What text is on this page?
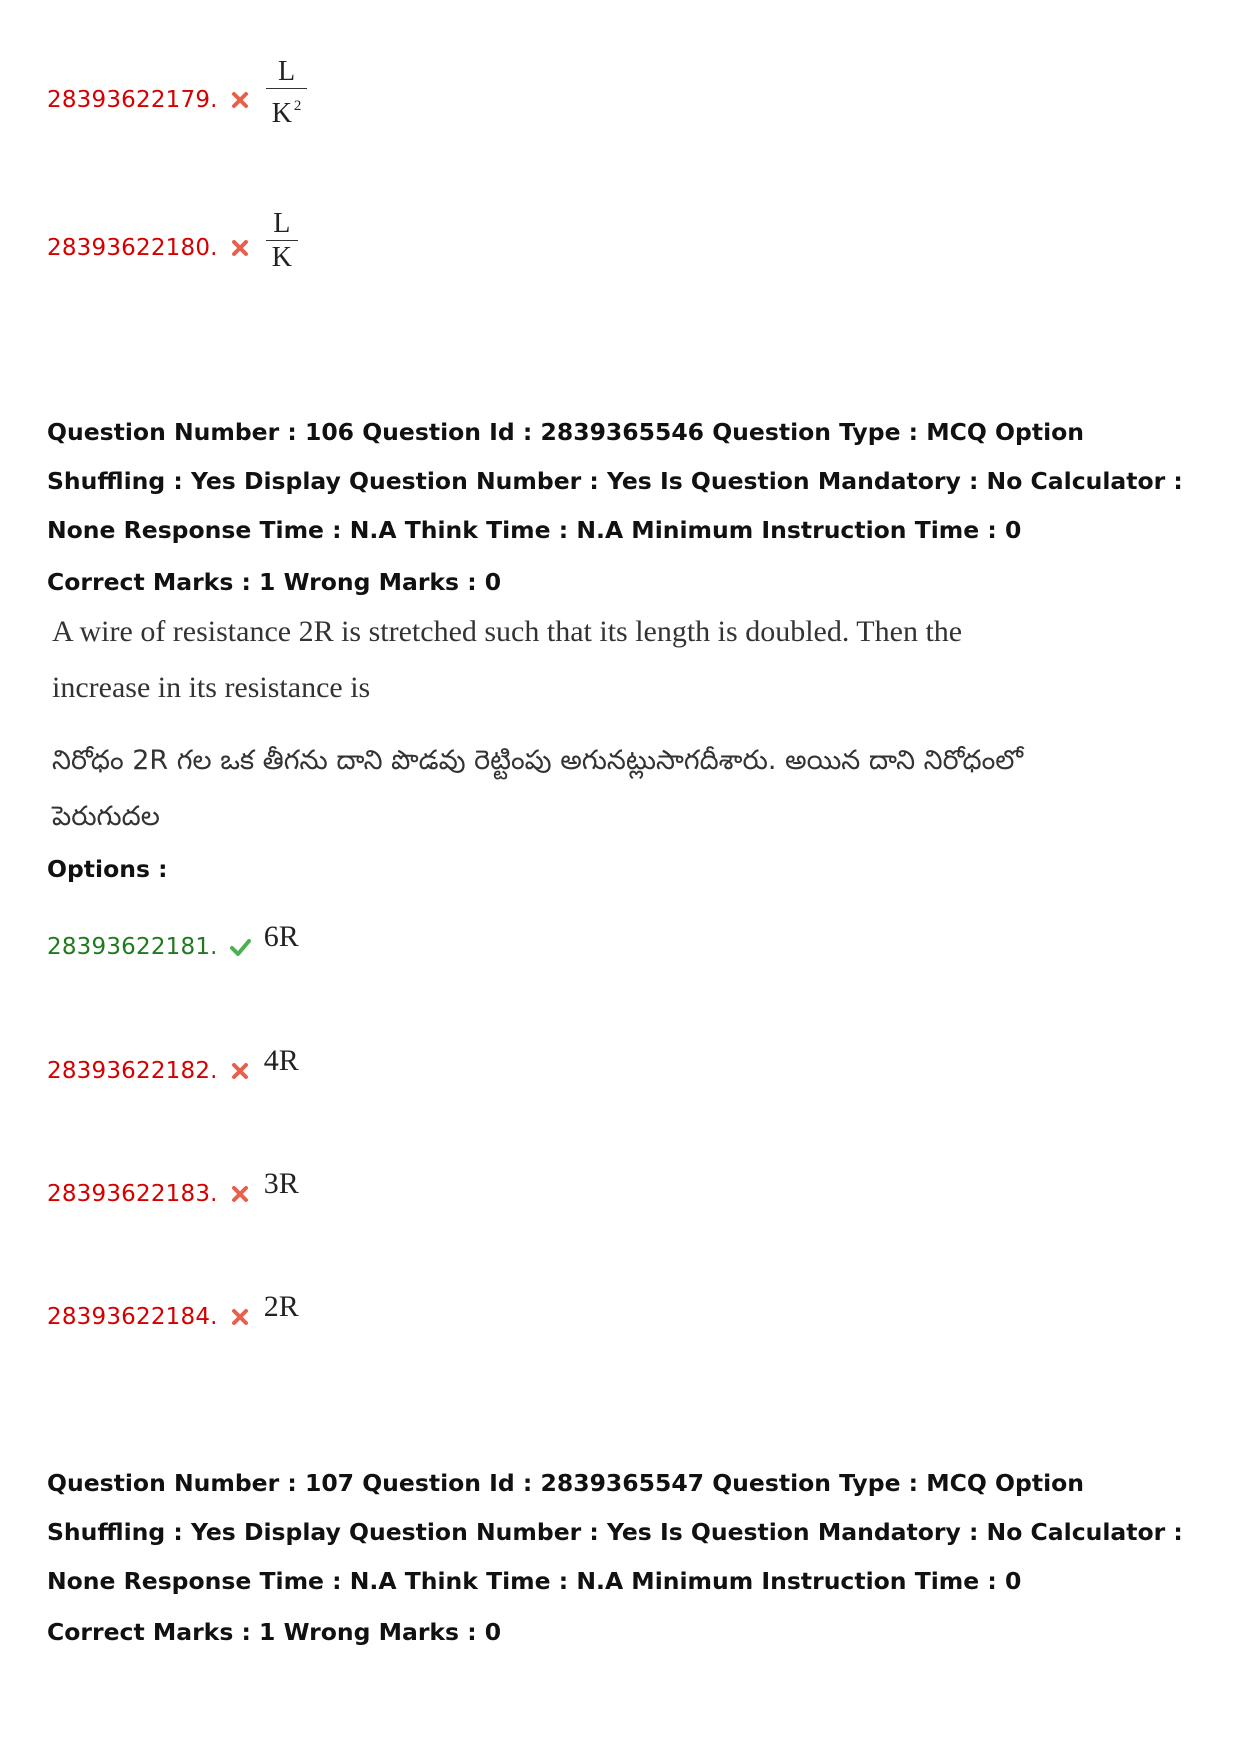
28393622179. $\frac{L}{K ^2}$
28393622180. $\frac{L}{K}$
Question Number : 106 Question Id : 2839365546 Question Type : MCQ Option Shuffling : Yes Display Question Number : Yes Is Question Mandatory : No Calculator : None Response Time : N.A Think Time : N.A Minimum Instruction Time : 0
Correct Marks : 1 Wrong Marks : 0
A wire of resistance 2R is stretched such that its length is doubled. Then the increase in its resistance is
నిరోధం 2R గల ఒక తీగను దాని పొడవు రెట్టింపు అగునట్లుసాగదీశారు. అయిన దాని నిరోధంలో పెరుగుదల
Options :
28393622181. 6R
28393622182. 4R
28393622183. 3R
28393622184. 2R
Question Number : 107 Question Id : 2839365547 Question Type : MCQ Option Shuffling : Yes Display Question Number : Yes Is Question Mandatory : No Calculator : None Response Time : N.A Think Time : N.A Minimum Instruction Time : 0
Correct Marks : 1 Wrong Marks : 0
